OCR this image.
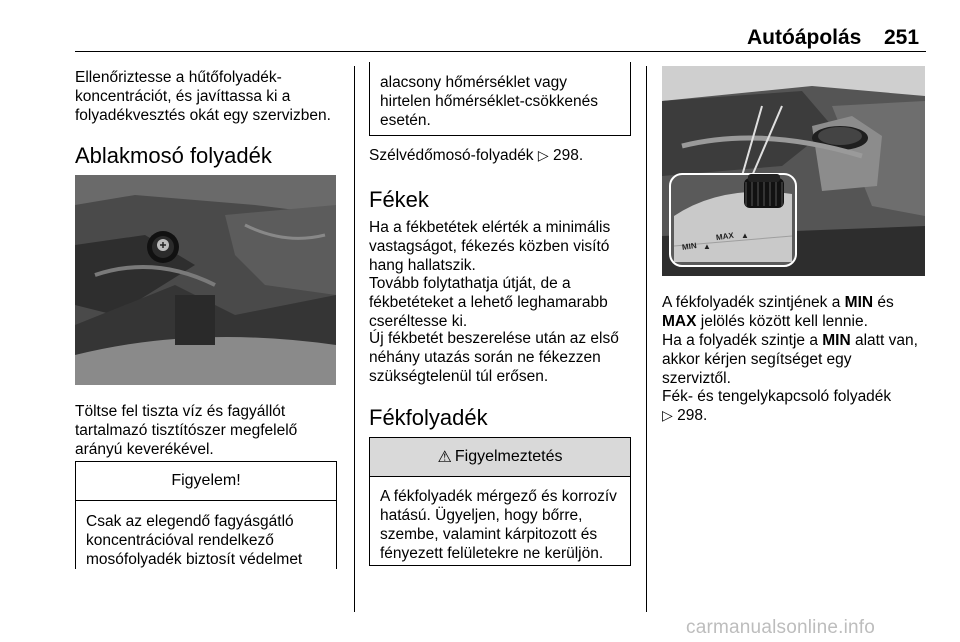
Autóápolás 251

Ellenőriztesse a hűtőfolyadék-

koncentrációt, és javíttassa ki a

folyadékvesztés okát egy szervizben.

Ablakmosó folyadék

Töltse fel tiszta víz és fagyállót

tartalmazó tisztítószer megfelelő

arányú keverékével.

Figyelem!

Csak az elegendő fagyásgátló

koncentrációval rendelkező

mosófolyadék biztosít védelmet

alacsony hőmérséklet vagy

hirtelen hőmérséklet-csökkenés

esetén.

Szélvédőmosó-folyadék ▷ 298.

Fékek

Ha a fékbetétek elérték a minimális

vastagságot, fékezés közben visító

hang hallatszik.

Tovább folytathatja útját, de a

fékbetéteket a lehető leghamarabb

cseréltesse ki.

Új fékbetét beszerelése után az első

néhány utazás során ne fékezzen

szükségtelenül túl erősen.

Fékfolyadék
⚠ Figyelmeztetés

A fékfolyadék mérgező és korrozív

hatású. Ügyeljen, hogy bőrre,

szembe, valamint kárpitozott és

fényezett felületekre ne kerüljön.

MAX
MIN
▲
▲

A fékfolyadék szintjének a MIN és

MAX jelölés között kell lennie.

Ha a folyadék szintje a MIN alatt van,

akkor kérjen segítséget egy

szerviztől.

Fék- és tengelykapcsoló folyadék

▷ 298.

carmanualsonline.info
